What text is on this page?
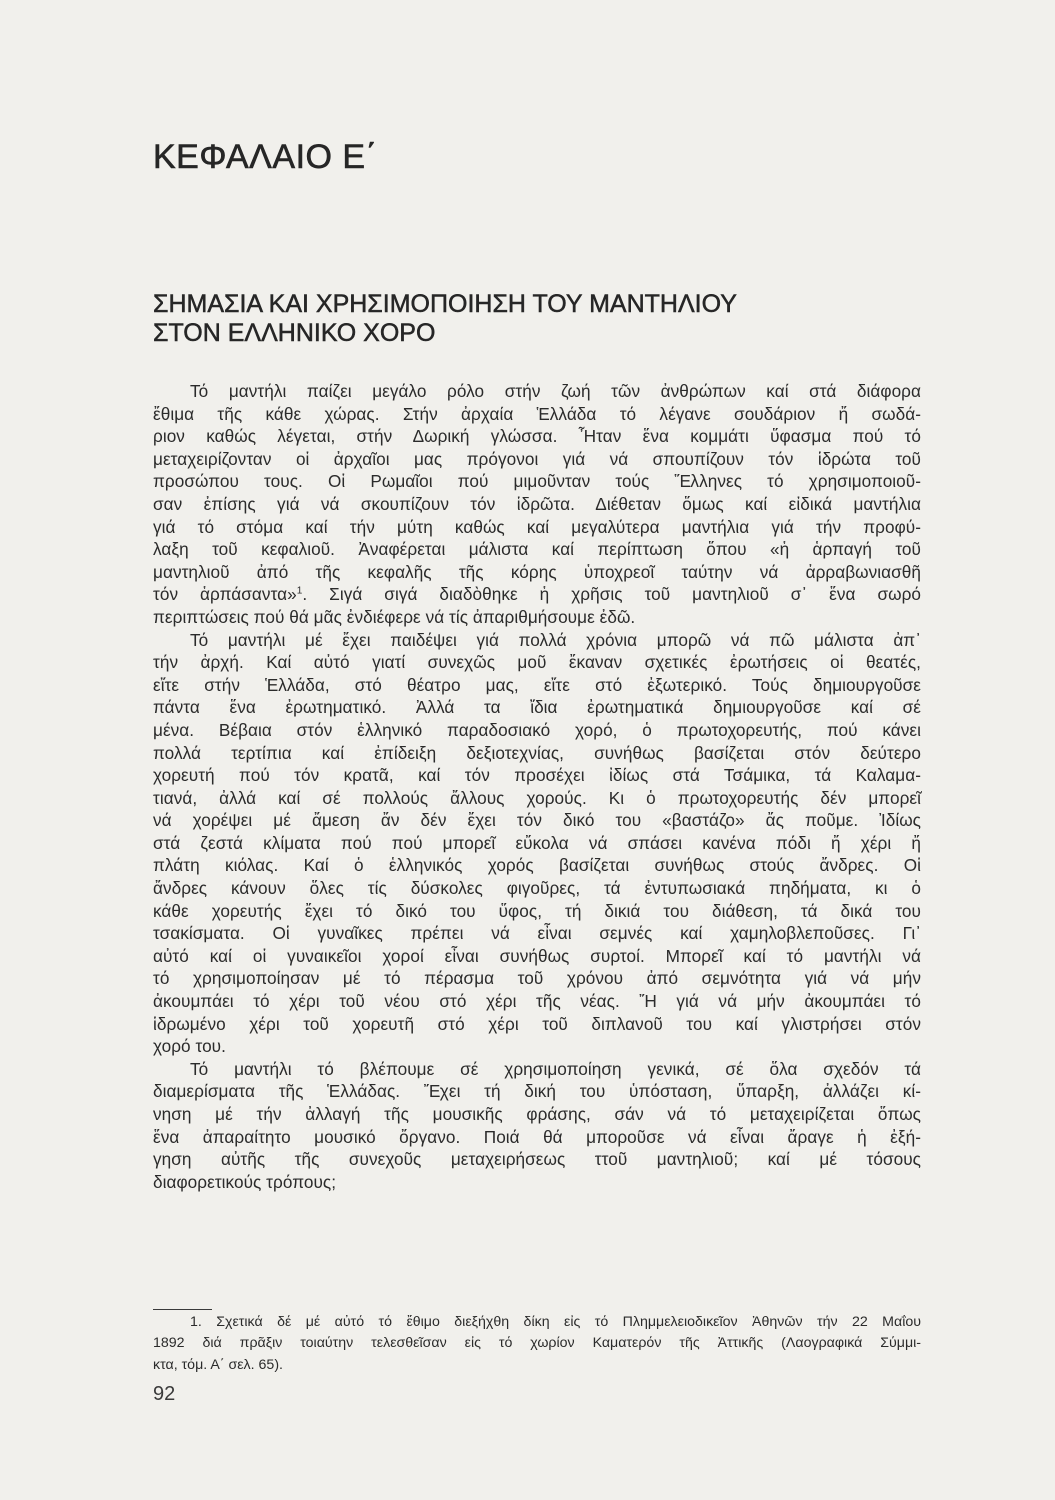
ΚΕΦΑΛΑΙΟ Ε΄
ΣΗΜΑΣΙΑ ΚΑΙ ΧΡΗΣΙΜΟΠΟΙΗΣΗ ΤΟΥ ΜΑΝΤΗΛΙΟΥ
ΣΤΟΝ ΕΛΛΗΝΙΚΟ ΧΟΡΟ
Τό μαντήλι παίζει μεγάλο ρόλο στήν ζωή τῶν ἀνθρώπων καί στά διάφορα
ἔθιμα τῆς κάθε χώρας. Στήν ἀρχαία Ἑλλάδα τό λέγανε σουδάριον ἤ σωδά-
ριον καθώς λέγεται, στήν Δωρική γλώσσα. Ἦταν ἕνα κομμάτι ὕφασμα πού τό
μεταχειρίζονταν οἱ ἀρχαῖοι μας πρόγονοι γιά νά σπουπίζουν τόν ἱδρώτα τοῦ
προσώπου τους. Οἱ Ρωμαῖοι πού μιμοῦνταν τούς Ἕλληνες τό χρησιμοποιοῦ-
σαν ἐπίσης γιά νά σκουπίζουν τόν ἱδρῶτα. Διέθεταν ὅμως καί εἰδικά μαντήλια
γιά τό στόμα καί τήν μύτη καθώς καί μεγαλύτερα μαντήλια γιά τήν προφύ-
λαξη τοῦ κεφαλιοῦ. Ἀναφέρεται μάλιστα καί περίπτωση ὅπου «ἡ ἁρπαγή τοῦ
μαντηλιοῦ ἀπό τῆς κεφαλῆς τῆς κόρης ὑποχρεοῖ ταύτην νά ἀρραβωνιασθῆ
τόν ἁρπάσαντα»$^1$. Σιγά σιγά διαδὸθηκε ἡ χρῆσις τοῦ μαντηλιοῦ σ᾽ ἕνα σωρό
περιπτώσεις πού θά μᾶς ἐνδιέφερε νά τίς ἀπαριθμήσουμε ἐδῶ.
Τό μαντήλι μέ ἔχει παιδέψει γιά πολλά χρόνια μπορῶ νά πῶ μάλιστα ἀπ᾽
τήν ἀρχή. Καί αὐτό γιατί συνεχῶς μοῦ ἔκαναν σχετικές ἐρωτήσεις οἱ θεατές,
εἴτε στήν Ἑλλάδα, στό θέατρο μας, εἴτε στό ἐξωτερικό. Τούς δημιουργοῦσε
πάντα ἕνα ἐρωτηματικό. Ἀλλά τα ἴδια ἐρωτηματικά δημιουργοῦσε καί σέ
μένα. Βέβαια στόν ἑλληνικό παραδοσιακό χορό, ὁ πρωτοχορευτής, πού κάνει
πολλά τερτίπια καί ἐπίδειξη δεξιοτεχνίας, συνήθως βασίζεται στόν δεύτερο
χορευτή πού τόν κρατᾶ, καί τόν προσέχει ἰδίως στά Τσάμικα, τά Καλαμα-
τιανά, ἀλλά καί σέ πολλούς ἄλλους χορούς. Κι ὁ πρωτοχορευτής δέν μπορεῖ
νά χορέψει μέ ἄμεση ἄν δέν ἔχει τόν δικό του «βαστάζο» ἄς ποῦμε. Ἰδίως
στά ζεστά κλίματα πού πού μπορεῖ εὔκολα νά σπάσει κανένα πόδι ἤ χέρι ἤ
πλάτη κιόλας. Καί ὁ ἑλληνικός χορός βασίζεται συνήθως στούς ἄνδρες. Οἱ
ἄνδρες κάνουν ὅλες τίς δύσκολες φιγοῦρες, τά ἐντυπωσιακά πηδήματα, κι ὁ
κάθε χορευτής ἔχει τό δικό του ὕφος, τή δικιά του διάθεση, τά δικά του
τσακίσματα. Οἱ γυναῖκες πρέπει νά εἶναι σεμνές καί χαμηλοβλεποῦσες. Γι᾽
αὐτό καί οἱ γυναικεῖοι χοροί εἶναι συνήθως συρτοί. Μπορεῖ καί τό μαντήλι νά
τό χρησιμοποίησαν μέ τό πέρασμα τοῦ χρόνου ἀπό σεμνότητα γιά νά μήν
ἀκουμπάει τό χέρι τοῦ νέου στό χέρι τῆς νέας. Ἤ γιά νά μήν ἀκουμπάει τό
ἱδρωμένο χέρι τοῦ χορευτῆ στό χέρι τοῦ διπλανοῦ του καί γλιστρήσει στόν
χορό του.
Τό μαντήλι τό βλέπουμε σέ χρησιμοποίηση γενικά, σέ ὅλα σχεδόν τά
διαμερίσματα τῆς Ἑλλάδας. Ἔχει τή δική του ὑπόσταση, ὕπαρξη, ἀλλάζει κί-
νηση μέ τήν ἀλλαγή τῆς μουσικῆς φράσης, σάν νά τό μεταχειρίζεται ὅπως
ἕνα ἀπαραίτητο μουσικό ὄργανο. Ποιά θά μποροῦσε νά εἶναι ἄραγε ἡ ἐξή-
γηση αὐτῆς τῆς συνεχοῦς μεταχειρήσεως ττοῦ μαντηλιοῦ; καί μέ τόσους
διαφορετικούς τρόπους;
1. Σχετικά δέ μέ αὐτό τό ἔθιμο διεξήχθη δίκη εἰς τό Πλημμελειοδικεῖον Ἀθηνῶν τήν 22 Μαΐου
1892 διά πρᾶξιν τοιαύτην τελεσθεῖσαν εἰς τό χωρίον Καματερόν τῆς Ἀττικῆς (Λαογραφικά Σύμμι-
κτα, τόμ. Α΄ σελ. 65).
92
